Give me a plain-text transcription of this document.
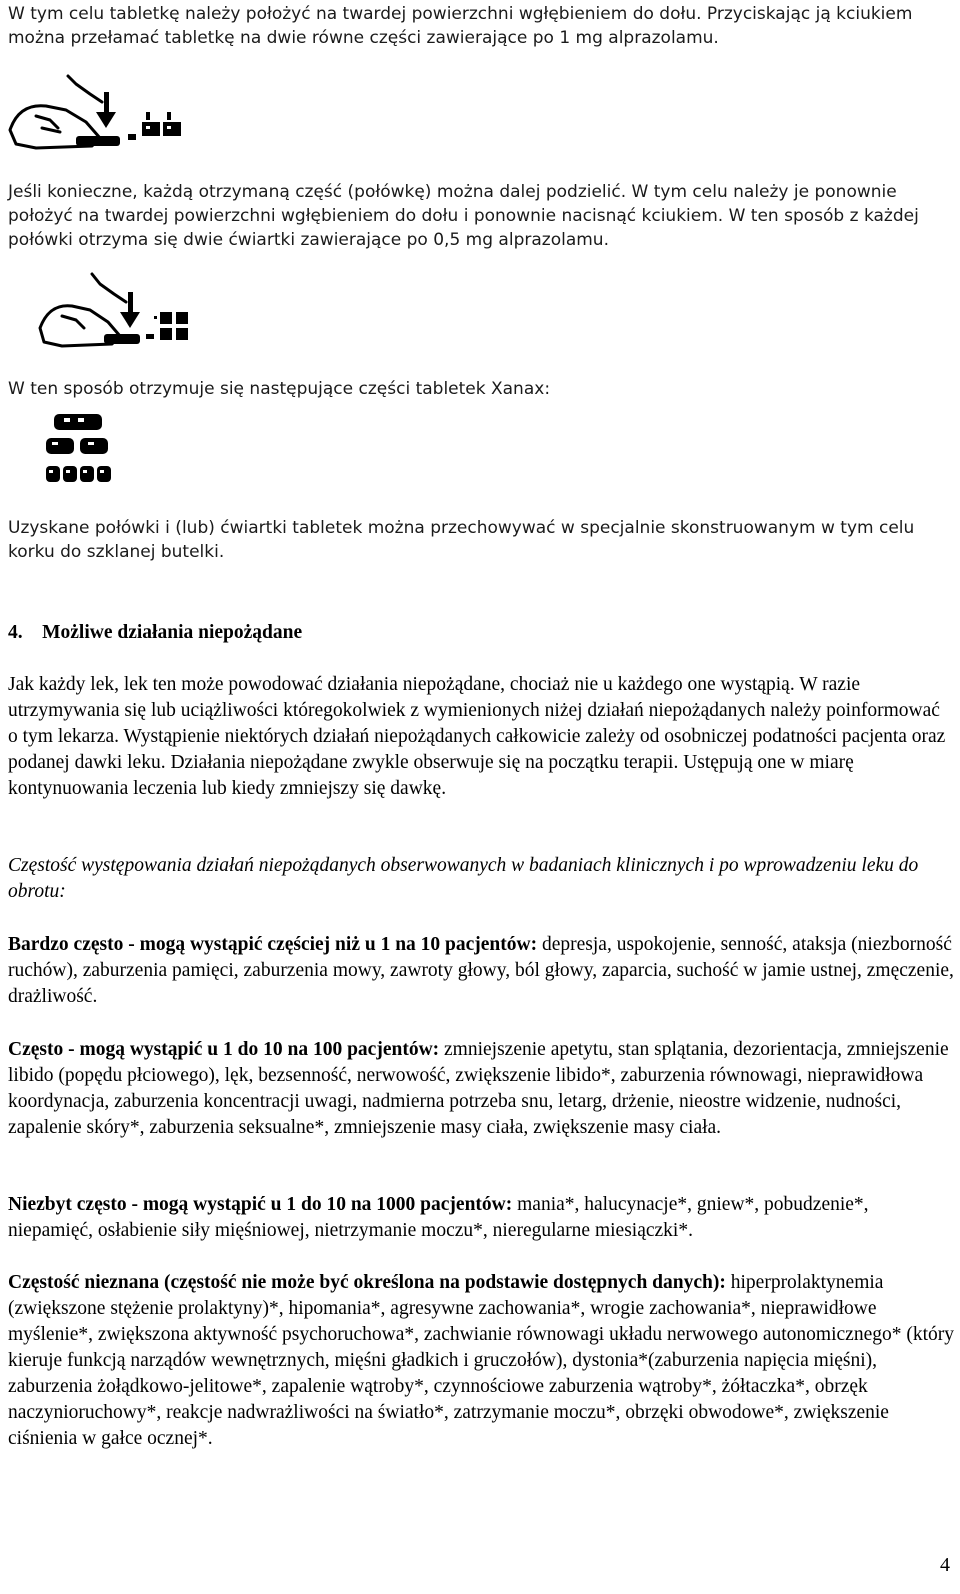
W tym celu tabletkę należy położyć na twardej powierzchni wgłębieniem do dołu. Przyciskając ją kciukiem można przełamać tabletkę na dwie równe części zawierające po 1 mg alprazolamu.

Jeśli konieczne, każdą otrzymaną część (połówkę) można dalej podzielić. W tym celu należy je ponownie położyć na twardej powierzchni wgłębieniem do dołu i ponownie nacisnąć kciukiem. W ten sposób z każdej połówki otrzyma się dwie ćwiartki zawierające po 0,5 mg alprazolamu.

W ten sposób otrzymuje się następujące części tabletek Xanax:

Uzyskane połówki i (lub) ćwiartki tabletek można przechowywać w specjalnie skonstruowanym w tym celu korku do szklanej butelki.

4.    Możliwe działania niepożądane

Jak każdy lek, lek ten może powodować działania niepożądane, chociaż nie u każdego one wystąpią. W razie utrzymywania się lub uciążliwości któregokolwiek z wymienionych niżej działań niepożądanych należy poinformować o tym lekarza. Wystąpienie niektórych działań niepożądanych całkowicie zależy od osobniczej podatności pacjenta oraz podanej dawki leku. Działania niepożądane zwykle obserwuje się na początku terapii. Ustępują one w miarę kontynuowania leczenia lub kiedy zmniejszy się dawkę.

Częstość występowania działań niepożądanych obserwowanych w badaniach klinicznych i po wprowadzeniu leku do obrotu:

Bardzo często - mogą wystąpić częściej niż u 1 na 10 pacjentów: depresja, uspokojenie, senność, ataksja (niezborność ruchów), zaburzenia pamięci, zaburzenia mowy, zawroty głowy, ból głowy, zaparcia, suchość w jamie ustnej, zmęczenie, drażliwość.

Często - mogą wystąpić u 1 do 10 na 100 pacjentów: zmniejszenie apetytu, stan splątania, dezorientacja, zmniejszenie libido (popędu płciowego), lęk, bezsenność, nerwowość, zwiększenie libido*, zaburzenia równowagi, nieprawidłowa koordynacja, zaburzenia koncentracji uwagi, nadmierna potrzeba snu, letarg, drżenie, nieostre widzenie, nudności, zapalenie skóry*, zaburzenia seksualne*, zmniejszenie masy ciała, zwiększenie masy ciała.

Niezbyt często - mogą wystąpić u 1 do 10 na 1000 pacjentów: mania*, halucynacje*, gniew*, pobudzenie*, niepamięć, osłabienie siły mięśniowej, nietrzymanie moczu*, nieregularne miesiączki*.

Częstość nieznana (częstość nie może być określona na podstawie dostępnych danych): hiperprolaktynemia (zwiększone stężenie prolaktyny)*, hipomania*, agresywne zachowania*, wrogie zachowania*, nieprawidłowe myślenie*, zwiększona aktywność psychoruchowa*, zachwianie równowagi układu nerwowego autonomicznego* (który kieruje funkcją narządów wewnętrznych, mięśni gładkich i gruczołów), dystonia*(zaburzenia napięcia mięśni), zaburzenia żołądkowo-jelitowe*, zapalenie wątroby*, czynnościowe zaburzenia wątroby*, żółtaczka*, obrzęk naczynioruchowy*, reakcje nadwrażliwości na światło*, zatrzymanie moczu*, obrzęki obwodowe*, zwiększenie ciśnienia w gałce ocznej*.

4
